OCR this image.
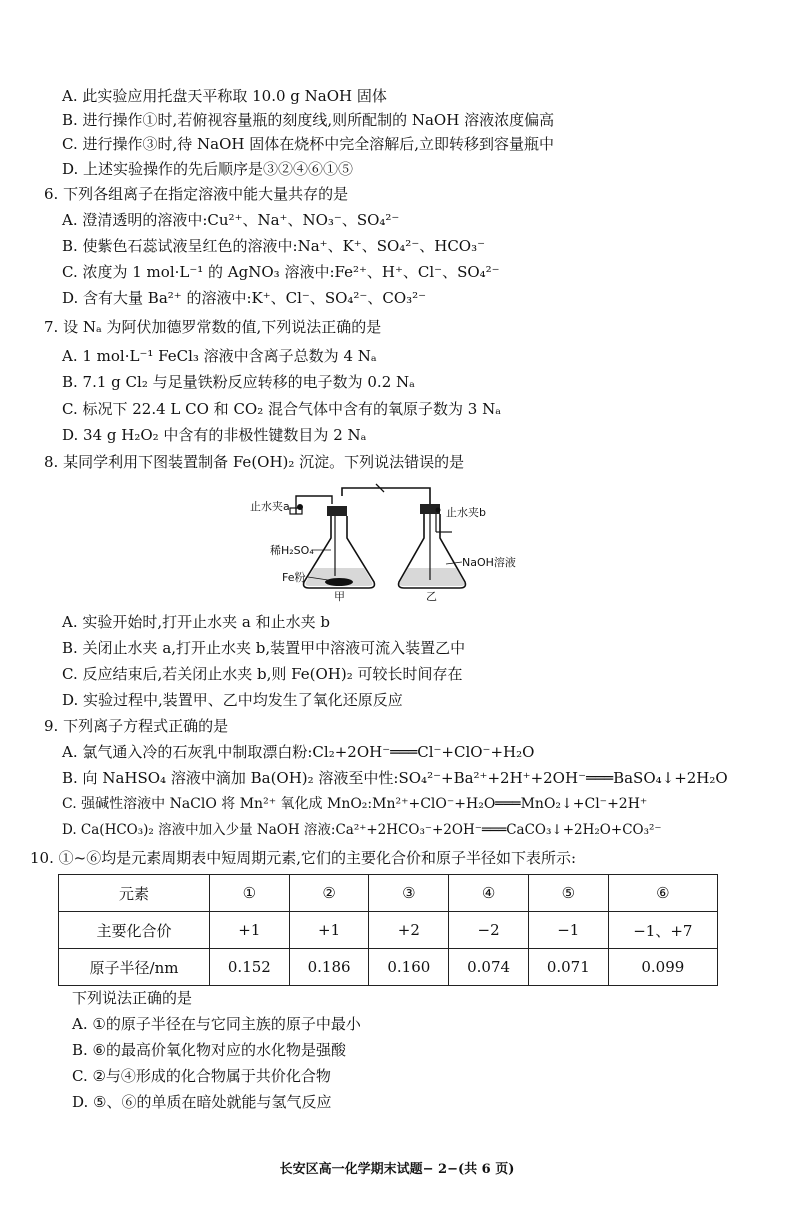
A. 此实验应用托盘天平称取 10.0 g NaOH 固体
B. 进行操作①时,若俯视容量瓶的刻度线,则所配制的 NaOH 溶液浓度偏高
C. 进行操作③时,待 NaOH 固体在烧杯中完全溶解后,立即转移到容量瓶中
D. 上述实验操作的先后顺序是③②④⑥①⑤
6. 下列各组离子在指定溶液中能大量共存的是
A. 澄清透明的溶液中:Cu²⁺、Na⁺、NO₃⁻、SO₄²⁻
B. 使紫色石蕊试液呈红色的溶液中:Na⁺、K⁺、SO₄²⁻、HCO₃⁻
C. 浓度为 1 mol·L⁻¹ 的 AgNO₃ 溶液中:Fe²⁺、H⁺、Cl⁻、SO₄²⁻
D. 含有大量 Ba²⁺ 的溶液中:K⁺、Cl⁻、SO₄²⁻、CO₃²⁻
7. 设 Nₐ 为阿伏加德罗常数的值,下列说法正确的是
A. 1 mol·L⁻¹ FeCl₃ 溶液中含离子总数为 4 Nₐ
B. 7.1 g Cl₂ 与足量铁粉反应转移的电子数为 0.2 Nₐ
C. 标况下 22.4 L CO 和 CO₂ 混合气体中含有的氧原子数为 3 Nₐ
D. 34 g H₂O₂ 中含有的非极性键数目为 2 Nₐ
8. 某同学利用下图装置制备 Fe(OH)₂ 沉淀。下列说法错误的是
止水夹a	止水夹b
稀H₂SO₄
Fe粉
NaOH溶液
甲	乙
A. 实验开始时,打开止水夹 a 和止水夹 b
B. 关闭止水夹 a,打开止水夹 b,装置甲中溶液可流入装置乙中
C. 反应结束后,若关闭止水夹 b,则 Fe(OH)₂ 可较长时间存在
D. 实验过程中,装置甲、乙中均发生了氧化还原反应
9. 下列离子方程式正确的是
A. 氯气通入冷的石灰乳中制取漂白粉:Cl₂+2OH⁻═══Cl⁻+ClO⁻+H₂O
B. 向 NaHSO₄ 溶液中滴加 Ba(OH)₂ 溶液至中性:SO₄²⁻+Ba²⁺+2H⁺+2OH⁻═══BaSO₄↓+2H₂O
C. 强碱性溶液中 NaClO 将 Mn²⁺ 氧化成 MnO₂:Mn²⁺+ClO⁻+H₂O═══MnO₂↓+Cl⁻+2H⁺
D. Ca(HCO₃)₂ 溶液中加入少量 NaOH 溶液:Ca²⁺+2HCO₃⁻+2OH⁻═══CaCO₃↓+2H₂O+CO₃²⁻
10. ①~⑥均是元素周期表中短周期元素,它们的主要化合价和原子半径如下表所示:
元素	①	②	③	④	⑤	⑥
主要化合价	+1	+1	+2	−2	−1	−1、+7
原子半径/nm	0.152	0.186	0.160	0.074	0.071	0.099
下列说法正确的是
A. ①的原子半径在与它同主族的原子中最小
B. ⑥的最高价氧化物对应的水化物是强酸
C. ②与④形成的化合物属于共价化合物
D. ⑤、⑥的单质在暗处就能与氢气反应
长安区高一化学期末试题− 2−(共 6 页)
